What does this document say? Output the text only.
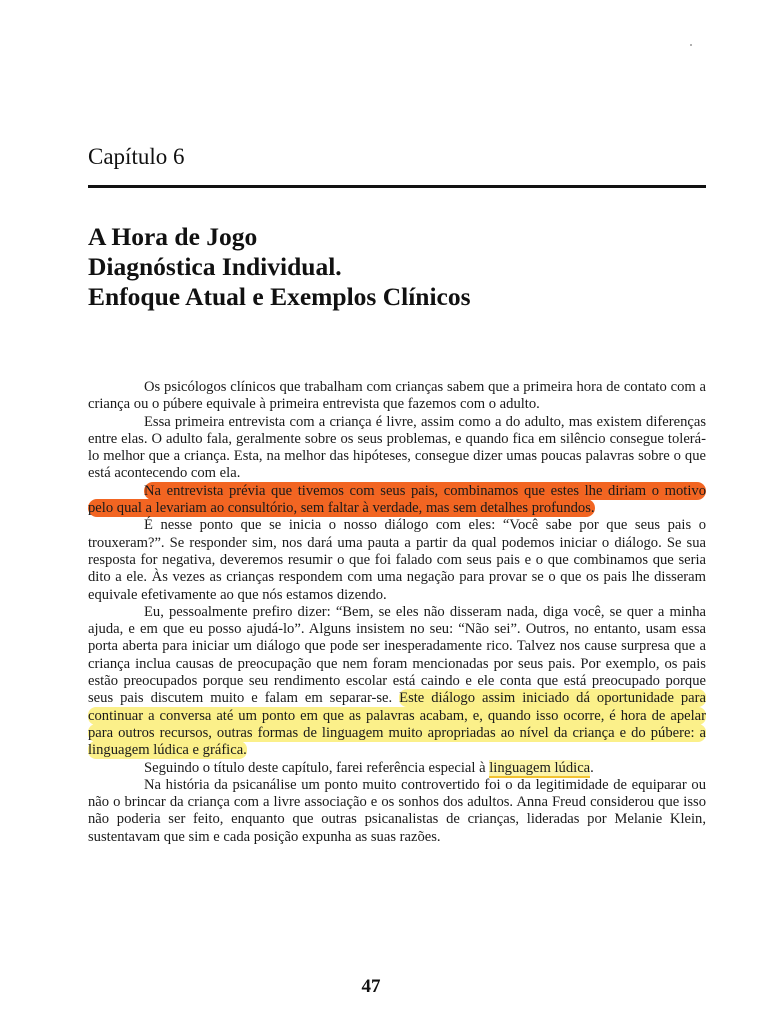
Capítulo 6
A Hora de Jogo
Diagnóstica Individual.
Enfoque Atual e Exemplos Clínicos

Os psicólogos clínicos que trabalham com crianças sabem que a primeira hora de contato com a criança ou o púbere equivale à primeira entrevista que fazemos com o adulto.

Essa primeira entrevista com a criança é livre, assim como a do adulto, mas existem diferenças entre elas. O adulto fala, geralmente sobre os seus problemas, e quando fica em silêncio consegue tolerá-lo melhor que a criança. Esta, na melhor das hipóteses, consegue dizer umas poucas palavras sobre o que está acontecendo com ela.

Na entrevista prévia que tivemos com seus pais, combinamos que estes lhe diriam o motivo pelo qual a levariam ao consultório, sem faltar à verdade, mas sem detalhes profundos.

É nesse ponto que se inicia o nosso diálogo com eles: “Você sabe por que seus pais o trouxeram?”. Se responder sim, nos dará uma pauta a partir da qual podemos iniciar o diálogo. Se sua resposta for negativa, deveremos resumir o que foi falado com seus pais e o que combinamos que seria dito a ele. Às vezes as crianças respondem com uma negação para provar se o que os pais lhe disseram equivale efetivamente ao que nós estamos dizendo.

Eu, pessoalmente prefiro dizer: “Bem, se eles não disseram nada, diga você, se quer a minha ajuda, e em que eu posso ajudá-lo”. Alguns insistem no seu: “Não sei”. Outros, no entanto, usam essa porta aberta para iniciar um diálogo que pode ser inesperadamente rico. Talvez nos cause surpresa que a criança inclua causas de preocupação que nem foram mencionadas por seus pais. Por exemplo, os pais estão preocupados porque seu rendimento escolar está caindo e ele conta que está preocupado porque seus pais discutem muito e falam em separar-se. Este diálogo assim iniciado dá oportunidade para continuar a conversa até um ponto em que as palavras acabam, e, quando isso ocorre, é hora de apelar para outros recursos, outras formas de linguagem muito apropriadas ao nível da criança e do púbere: a linguagem lúdica e gráfica.

Seguindo o título deste capítulo, farei referência especial à linguagem lúdica.

Na história da psicanálise um ponto muito controvertido foi o da legitimidade de equiparar ou não o brincar da criança com a livre associação e os sonhos dos adultos. Anna Freud considerou que isso não poderia ser feito, enquanto que outras psicanalistas de crianças, lideradas por Melanie Klein, sustentavam que sim e cada posição expunha as suas razões.

47
